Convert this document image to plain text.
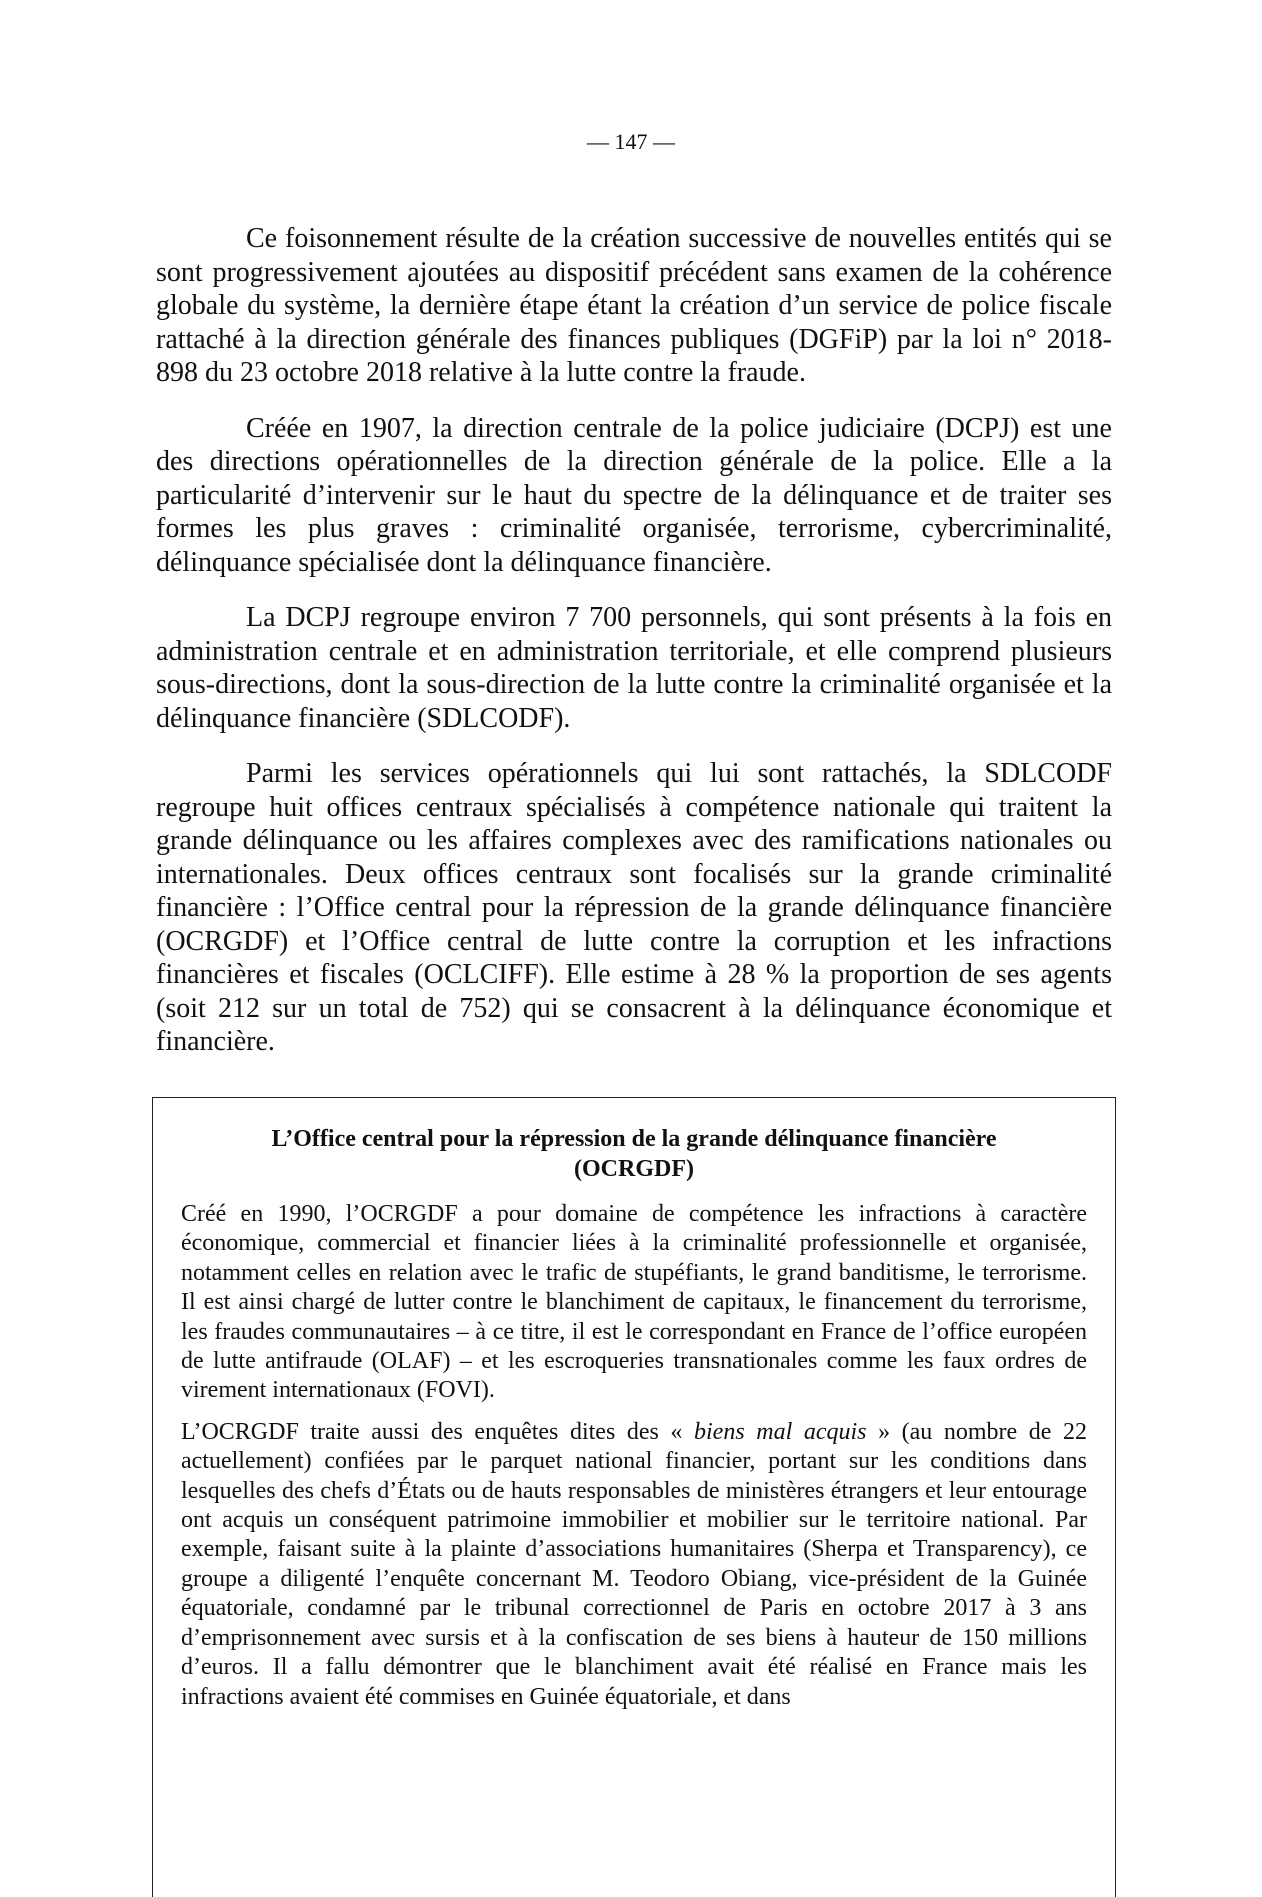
— 147 —

Ce foisonnement résulte de la création successive de nouvelles entités qui se sont progressivement ajoutées au dispositif précédent sans examen de la cohérence globale du système, la dernière étape étant la création d’un service de police fiscale rattaché à la direction générale des finances publiques (DGFiP) par la loi n° 2018-898 du 23 octobre 2018 relative à la lutte contre la fraude.

Créée en 1907, la direction centrale de la police judiciaire (DCPJ) est une des directions opérationnelles de la direction générale de la police. Elle a la particularité d’intervenir sur le haut du spectre de la délinquance et de traiter ses formes les plus graves : criminalité organisée, terrorisme, cybercriminalité, délinquance spécialisée dont la délinquance financière.

La DCPJ regroupe environ 7 700 personnels, qui sont présents à la fois en administration centrale et en administration territoriale, et elle comprend plusieurs sous-directions, dont la sous-direction de la lutte contre la criminalité organisée et la délinquance financière (SDLCODF).

Parmi les services opérationnels qui lui sont rattachés, la SDLCODF regroupe huit offices centraux spécialisés à compétence nationale qui traitent la grande délinquance ou les affaires complexes avec des ramifications nationales ou internationales. Deux offices centraux sont focalisés sur la grande criminalité financière : l’Office central pour la répression de la grande délinquance financière (OCRGDF) et l’Office central de lutte contre la corruption et les infractions financières et fiscales (OCLCIFF). Elle estime à 28 % la proportion de ses agents (soit 212 sur un total de 752) qui se consacrent à la délinquance économique et financière.

L’Office central pour la répression de la grande délinquance financière
(OCRGDF)

Créé en 1990, l’OCRGDF a pour domaine de compétence les infractions à caractère économique, commercial et financier liées à la criminalité professionnelle et organisée, notamment celles en relation avec le trafic de stupéfiants, le grand banditisme, le terrorisme. Il est ainsi chargé de lutter contre le blanchiment de capitaux, le financement du terrorisme, les fraudes communautaires – à ce titre, il est le correspondant en France de l’office européen de lutte antifraude (OLAF) – et les escroqueries transnationales comme les faux ordres de virement internationaux (FOVI).

L’OCRGDF traite aussi des enquêtes dites des « biens mal acquis » (au nombre de 22 actuellement) confiées par le parquet national financier, portant sur les conditions dans lesquelles des chefs d’États ou de hauts responsables de ministères étrangers et leur entourage ont acquis un conséquent patrimoine immobilier et mobilier sur le territoire national. Par exemple, faisant suite à la plainte d’associations humanitaires (Sherpa et Transparency), ce groupe a diligenté l’enquête concernant M. Teodoro Obiang, vice-président de la Guinée équatoriale, condamné par le tribunal correctionnel de Paris en octobre 2017 à 3 ans d’emprisonnement avec sursis et à la confiscation de ses biens à hauteur de 150 millions d’euros. Il a fallu démontrer que le blanchiment avait été réalisé en France mais les infractions avaient été commises en Guinée équatoriale, et dans
